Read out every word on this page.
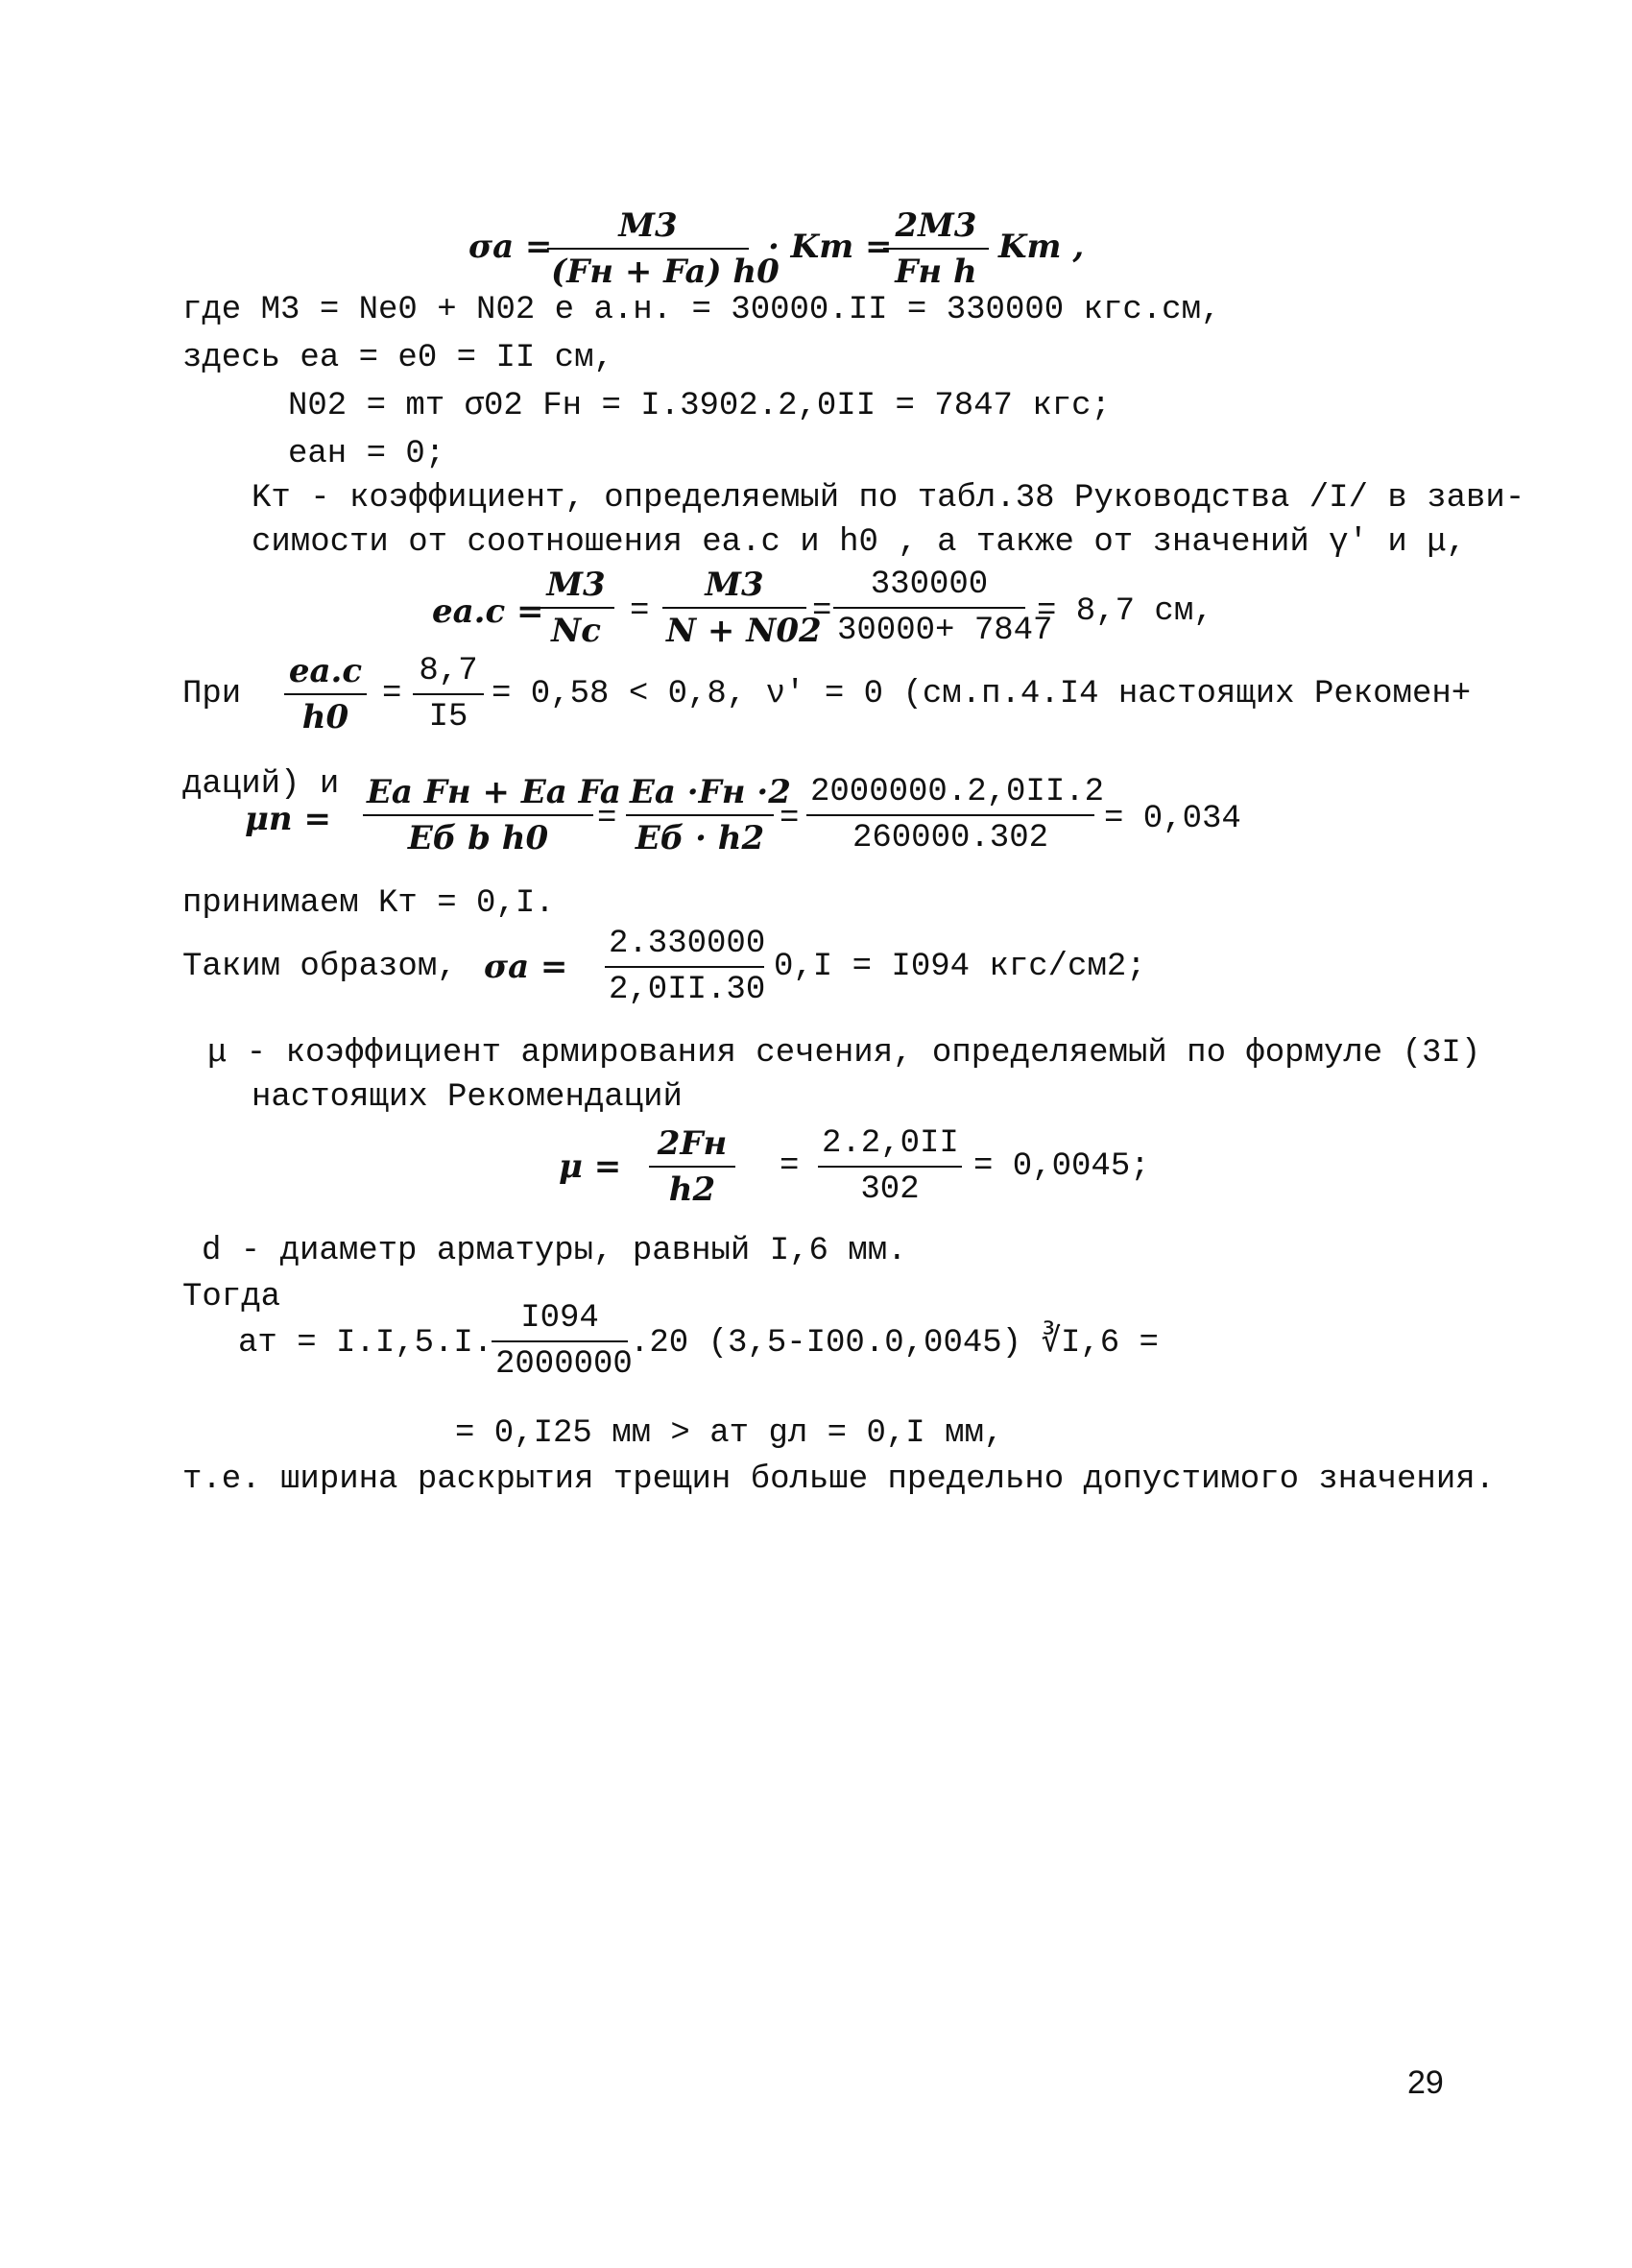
σa =
M3
(Fн + Fa) h0
· Kт =
2M3
Fн h
Kт ,
где M3 = Ne0 + N02 e a.н. = 30000.II = 330000 кгс.см,
здесь ea = e0 = II см,
N02 = mт σ02 Fн = I.3902.2,0II = 7847 кгс;
eaн = 0;
Kт - коэффициент, определяемый по табл.38 Руководства /I/ в зави-
симости от соотношения ea.c и h0 , а также от значений γ' и μ,
ea.c =
$\frac{M3}{Nc} = \frac{M3}{N + N02} = \frac{330000}{30000+ 7847} = 8,7$ см,
При $\frac{ea.c}{h0} = \frac{8,7}{I5} = 0,58 < 0,8$, ν' = 0 (см.п.4.I4 настоящих Рекомен+
даций) и
μn =
Ea Fн + Ea Fa
Eб b h0	=
Ea ·Fн ·2
Eб · $h2 = \frac{2000000.2,0II.2}{260000.302} = 0,034$
принимаем Kт = 0,I.
Таким образом, $\sigma a = \frac{2.330000}{2,0II.30} 0,I = I094$ кгс/см2;
μ - коэффициент армирования сечения, определяемый по формуле (3I)
настоящих Рекомендаций
μ =
2Fн
h2
= $\frac{2.2,0II}{302} = 0,0045$;
d - диаметр арматуры, равный I,6 мм.
Тогда
aт = I.I,5.I.
$\frac{I094}{2000000} .20$ (3,5-I00.0,0045) ∛I,6 =
= 0,I25 мм > aт gл = 0,I мм,
т.е. ширина раскрытия трещин больше предельно допустимого значения.
29
